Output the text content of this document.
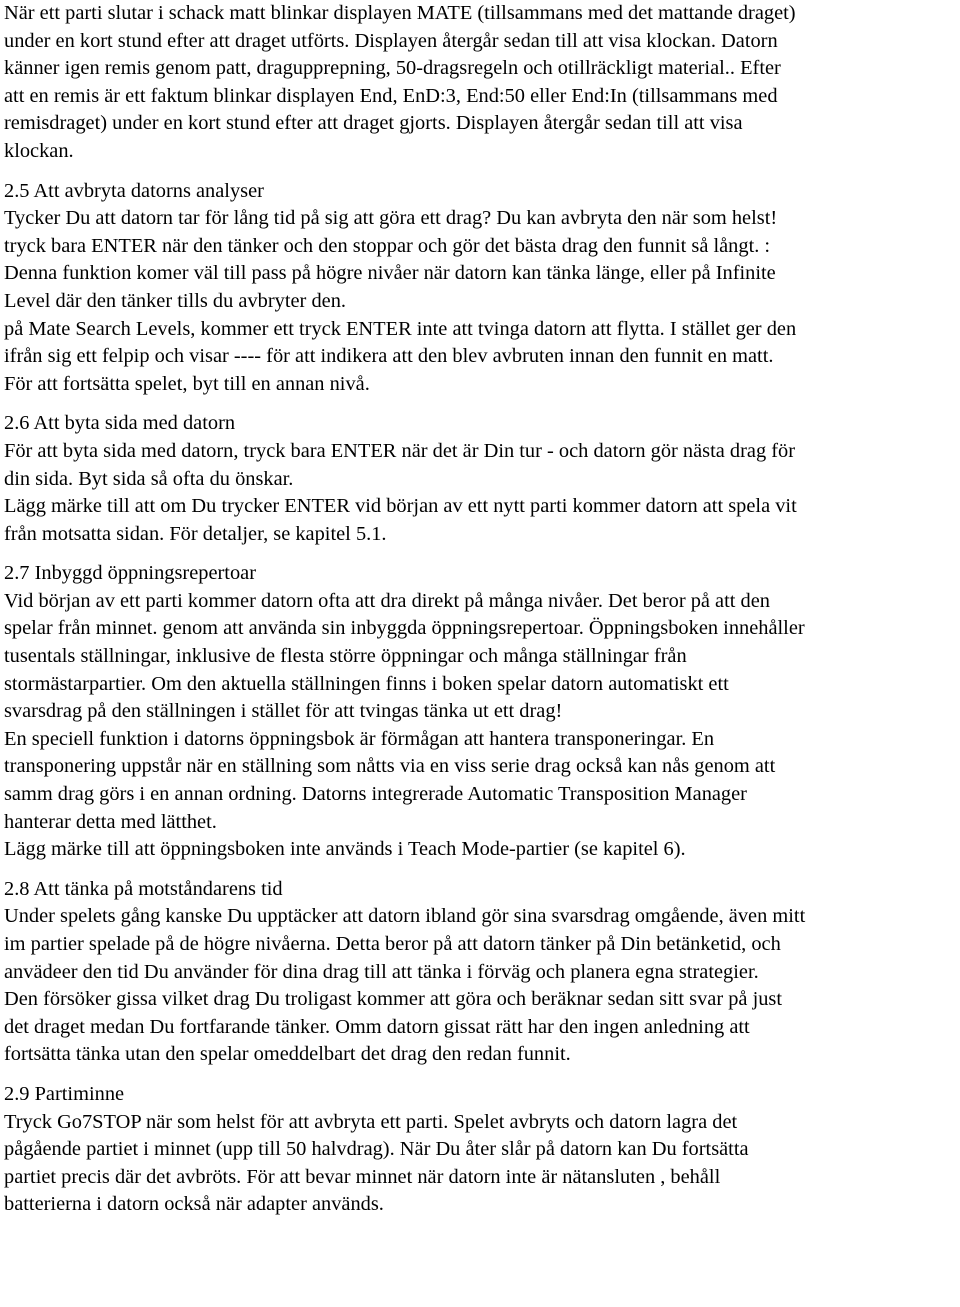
När ett parti slutar i schack matt blinkar displayen MATE (tillsammans med det mattande draget)
under en kort stund efter att draget utförts. Displayen återgår sedan till att visa klockan. Datorn
känner igen remis genom patt, dragupprepning, 50-dragsregeln och otillräckligt material.. Efter
att en remis är ett faktum blinkar displayen End, EnD:3, End:50 eller End:In (tillsammans med
remisdraget) under en kort stund efter att draget gjorts. Displayen återgår sedan till att visa
klockan.
2.5 Att avbryta datorns analyser
Tycker Du att datorn tar för lång tid på sig att göra ett drag? Du kan avbryta den när som helst!
tryck bara ENTER när den tänker och den stoppar och gör det bästa drag den funnit så långt. :
Denna funktion komer väl till pass på högre nivåer när datorn kan tänka länge, eller på Infinite
Level där den tänker tills du avbryter den.
på Mate Search Levels, kommer ett tryck ENTER inte att tvinga datorn att flytta. I stället ger den
ifrån sig ett felpip och visar ---- för att indikera att den blev avbruten innan den funnit en matt.
För att fortsätta spelet, byt till en annan nivå.
2.6 Att byta sida med datorn
För att byta sida med datorn, tryck bara ENTER när det är Din tur - och datorn gör nästa drag för
din sida. Byt sida så ofta du önskar.
Lägg märke till att om Du trycker ENTER vid början av ett nytt parti kommer datorn att spela vit
från motsatta sidan. För detaljer, se kapitel 5.1.
2.7 Inbyggd öppningsrepertoar
Vid början av ett parti kommer datorn ofta att dra direkt på många nivåer. Det beror på att den
spelar från minnet. genom att använda sin inbyggda öppningsrepertoar. Öppningsboken innehåller
tusentals ställningar, inklusive de flesta större öppningar och många ställningar från
stormästarpartier. Om den aktuella ställningen finns i boken spelar datorn automatiskt ett
svarsdrag på den ställningen i stället för att tvingas tänka ut ett drag!
En speciell funktion i datorns öppningsbok är förmågan att hantera transponeringar. En
transponering uppstår när en ställning som nåtts via en viss serie drag också kan nås genom att
samm drag görs i en annan ordning. Datorns integrerade Automatic Transposition Manager
hanterar detta med lätthet.
Lägg märke till att öppningsboken inte används i Teach Mode-partier (se kapitel 6).
2.8 Att tänka på motståndarens tid
Under spelets gång kanske Du upptäcker att datorn ibland gör sina svarsdrag omgående, även mitt
im partier spelade på de högre nivåerna. Detta beror på att datorn tänker på Din betänketid, och
anvädeer den tid Du använder för dina drag till att tänka i förväg och planera egna strategier.
Den försöker gissa vilket drag Du troligast kommer att göra och beräknar sedan sitt svar på just
det draget medan Du fortfarande tänker. Omm datorn gissat rätt har den ingen anledning att
fortsätta tänka utan den spelar omeddelbart det drag den redan funnit.
2.9 Partiminne
Tryck Go7STOP när som helst för att avbryta ett parti. Spelet avbryts och datorn lagra det
pågående partiet i minnet (upp till 50 halvdrag). När Du åter slår på datorn kan Du fortsätta
partiet precis där det avbröts. För att bevar minnet när datorn inte är nätansluten , behåll
batterierna i datorn också när adapter används.
